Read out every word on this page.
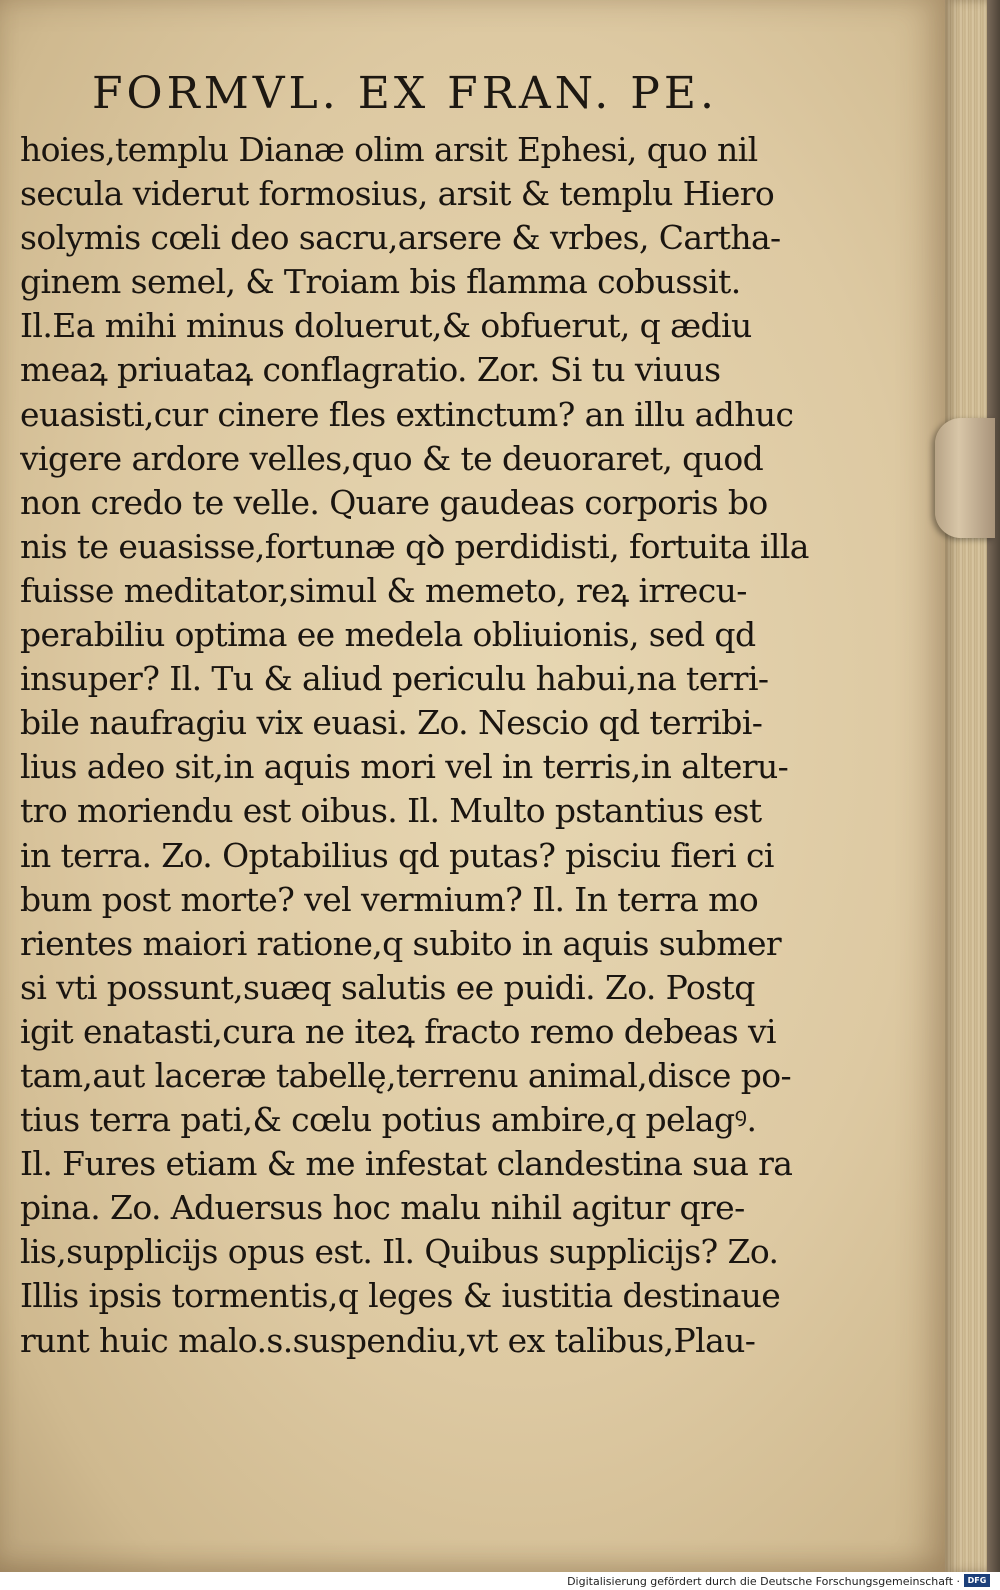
FORMVL. EX FRAN. PE.
hoies,templu Dianæ olim arsit Ephesi, quo nil
secula viderut formosius, arsit & templu Hiero
solymis cœli deo sacru,arsere & vrbes, Cartha-
ginem semel, & Troiam bis flamma cobussit.
Il.Ea mihi minus doluerut,& obfuerut, q ædiu
meaꝝ priuataꝝ conflagratio. Zor. Si tu viuus
euasisti,cur cinere fles extinctum? an illu adhuc
vigere ardore velles,quo & te deuoraret, quod
non credo te velle. Quare gaudeas corporis bo
nis te euasisse,fortunæ qꝺ perdidisti, fortuita illa
fuisse meditator,simul & memeto, reꝝ irrecu-
perabiliu optima ee medela obliuionis, sed qd
insuper? Il. Tu & aliud periculu habui,na terri-
bile naufragiu vix euasi. Zo. Nescio qd terribi-
lius adeo sit,in aquis mori vel in terris,in alteru-
tro moriendu est oibus. Il. Multo pstantius est
in terra. Zo. Optabilius qd putas? pisciu fieri ci
bum post morte? vel vermium? Il. In terra mo
rientes maiori ratione,q subito in aquis submer
si vti possunt,suæq salutis ee puidi. Zo. Postq
igit enatasti,cura ne iteꝝ fracto remo debeas vi
tam,aut laceræ tabellę,terrenu animal,disce po-
tius terra pati,& cœlu potius ambire,q pelagꝰ.
Il. Fures etiam & me infestat clandestina sua ra
pina. Zo. Aduersus hoc malu nihil agitur qre-
lis,supplicijs opus est. Il. Quibus supplicijs? Zo.
Illis ipsis tormentis,q leges & iustitia destinaue
runt huic malo.s.suspendiu,vt ex talibus,Plau-
Digitalisierung gefördert durch die Deutsche Forschungsgemeinschaft · DFG
